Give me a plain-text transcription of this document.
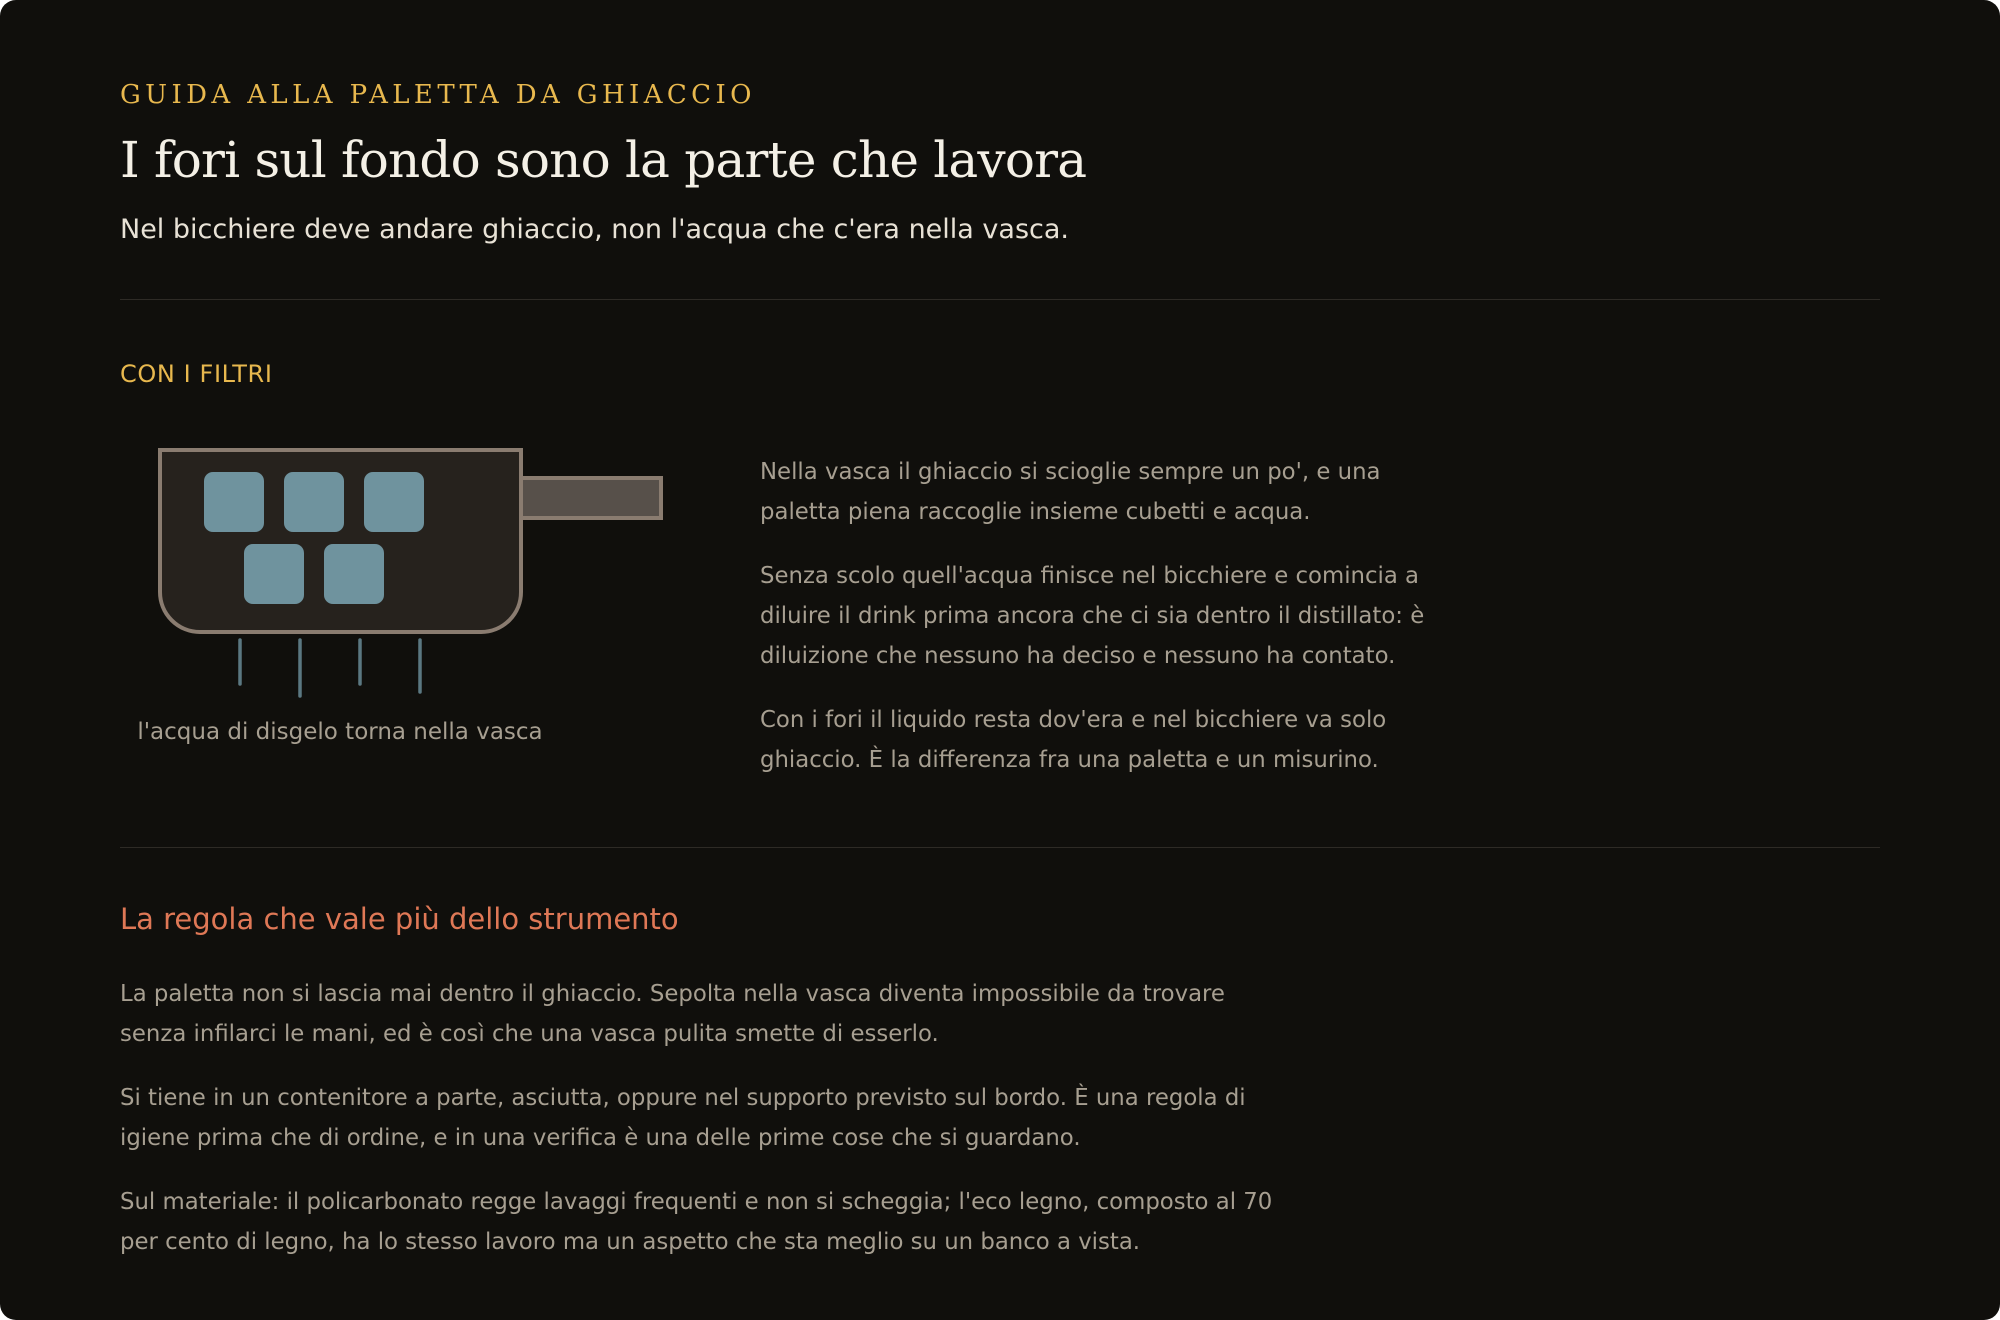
GUIDA ALLA PALETTA DA GHIACCIO

I fori sul fondo sono la parte che lavora

Nel bicchiere deve andare ghiaccio, non l'acqua che c'era nella vasca.

CON I FILTRI

l'acqua di disgelo torna nella vasca

Nella vasca il ghiaccio si scioglie sempre un po', e una paletta piena raccoglie insieme cubetti e acqua.

Senza scolo quell'acqua finisce nel bicchiere e comincia a diluire il drink prima ancora che ci sia dentro il distillato: è diluizione che nessuno ha deciso e nessuno ha contato.

Con i fori il liquido resta dov'era e nel bicchiere va solo ghiaccio. È la differenza fra una paletta e un misurino.

La regola che vale più dello strumento

La paletta non si lascia mai dentro il ghiaccio. Sepolta nella vasca diventa impossibile da trovare senza infilarci le mani, ed è così che una vasca pulita smette di esserlo.

Si tiene in un contenitore a parte, asciutta, oppure nel supporto previsto sul bordo. È una regola di igiene prima che di ordine, e in una verifica è una delle prime cose che si guardano.

Sul materiale: il policarbonato regge lavaggi frequenti e non si scheggia; l'eco legno, composto al 70 per cento di legno, ha lo stesso lavoro ma un aspetto che sta meglio su un banco a vista.
